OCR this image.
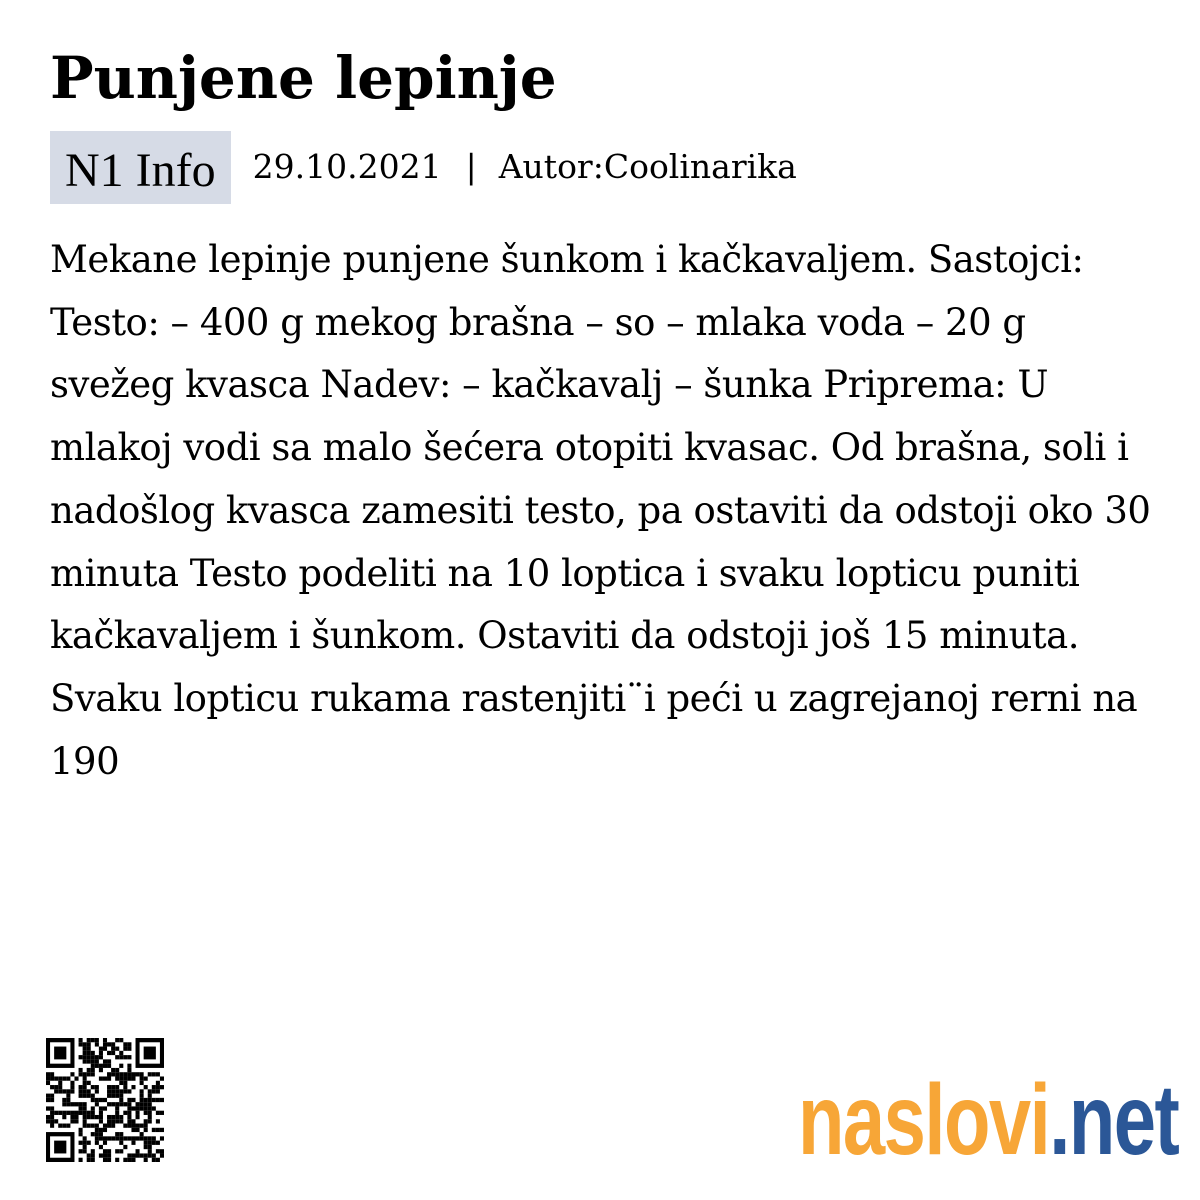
Punjene lepinje
N1 Info	29.10.2021 | Autor:Coolinarika

Mekane lepinje punjene šunkom i kačkavaljem. Sastojci: Testo: – 400 g mekog brašna – so – mlaka voda – 20 g svežeg kvasca Nadev: – kačkavalj – šunka Priprema: U mlakoj vodi sa malo šećera otopiti kvasac. Od brašna, soli i nadošlog kvasca zamesiti testo, pa ostaviti da odstoji oko 30 minuta Testo podeliti na 10 loptica i svaku lopticu puniti kačkavaljem i šunkom. Ostaviti da odstoji još 15 minuta. Svaku lopticu rukama rastenjiti¨i peći u zagrejanoj rerni na 190

naslovi .net
